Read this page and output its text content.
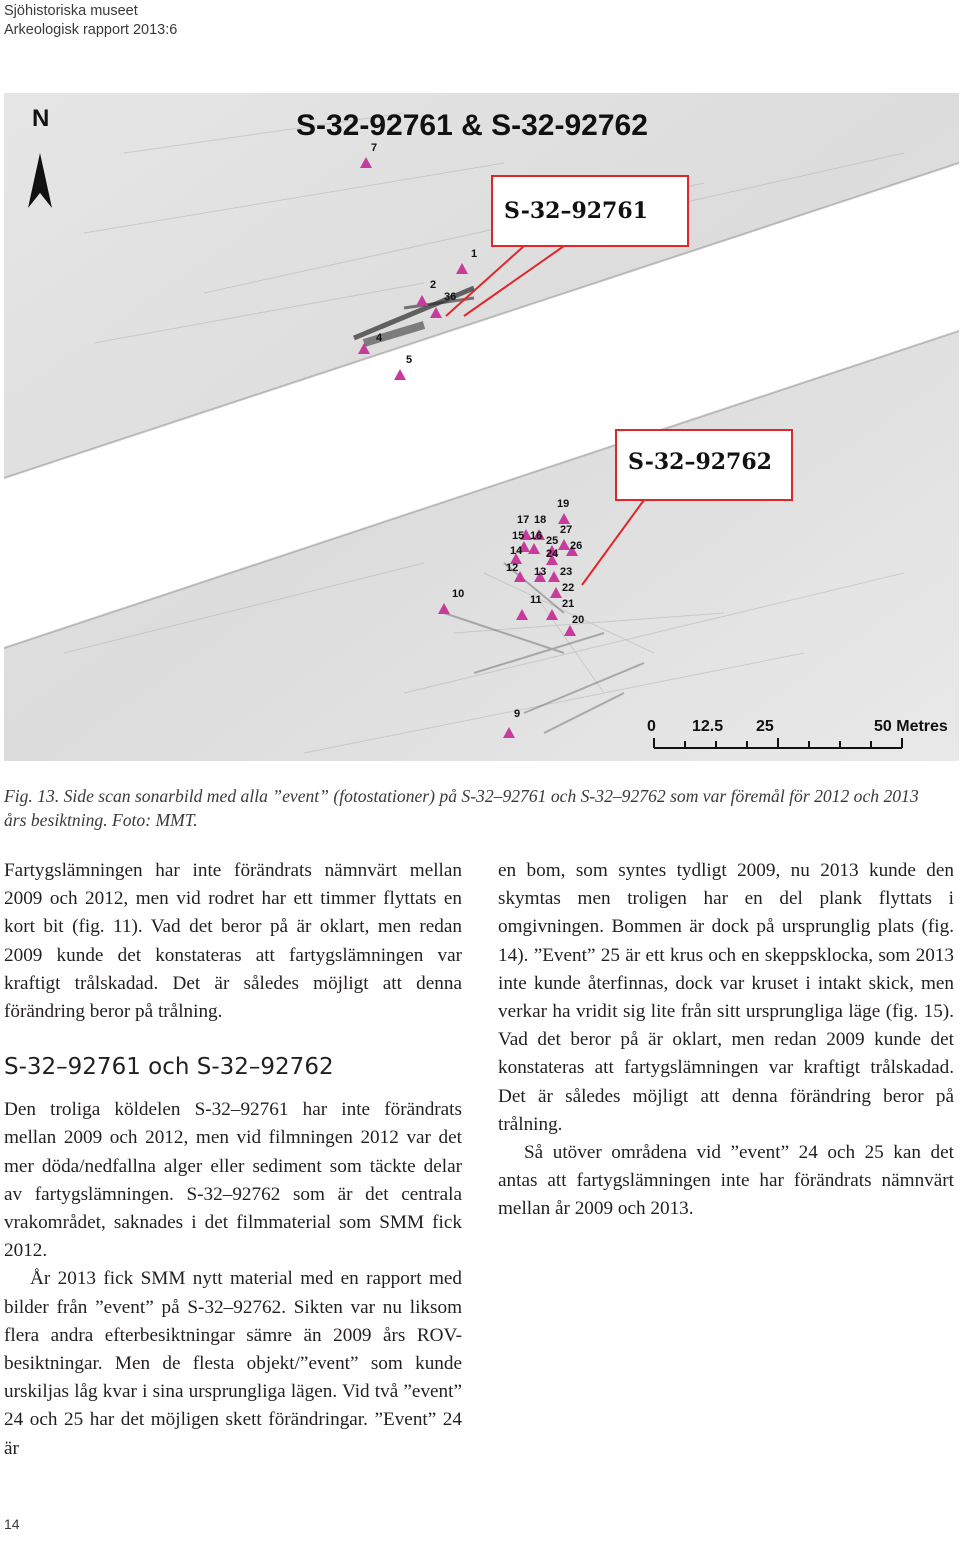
Sjöhistoriska museet
Arkeologisk rapport 2013:6
N	S-32-92761 & S-32-92762
S-32–92761
S-32–92762
7
1
2
36
4
5
19
17 18
27
15 16 25 26
14 24
12 13 23
22
10	11 21
20
9
0 12.5 25	50 Metres
Fig. 13. Side scan sonarbild med alla ”event” (fotostationer) på S-32–92761 och S-32–92762 som var föremål för 2012 och 2013 års besiktning. Foto: MMT.

Fartygslämningen har inte förändrats nämnvärt mellan 2009 och 2012, men vid rodret har ett timmer flyttats en kort bit (fig. 11). Vad det beror på är oklart, men redan 2009 kunde det konstateras att fartygslämningen var kraftigt trålskadad. Det är således möjligt att denna förändring beror på trålning.

S-32–92761 och S-32–92762

Den troliga köldelen S-32–92761 har inte förändrats mellan 2009 och 2012, men vid filmningen 2012 var det mer döda/nedfallna alger eller sediment som täckte delar av fartygslämningen. S-32–92762 som är det centrala vrakområdet, saknades i det filmmaterial som SMM fick 2012.

År 2013 fick SMM nytt material med en rapport med bilder från ”event” på S-32–92762. Sikten var nu liksom flera andra efterbesiktningar sämre än 2009 års ROV-besiktningar. Men de flesta objekt/”event” som kunde urskiljas låg kvar i sina ursprungliga lägen. Vid två ”event” 24 och 25 har det möjligen skett förändringar. ”Event” 24 är

en bom, som syntes tydligt 2009, nu 2013 kunde den skymtas men troligen har en del plank flyttats i omgivningen. Bommen är dock på ursprunglig plats (fig. 14). ”Event” 25 är ett krus och en skeppsklocka, som 2013 inte kunde återfinnas, dock var kruset i intakt skick, men verkar ha vridit sig lite från sitt ursprungliga läge (fig. 15). Vad det beror på är oklart, men redan 2009 kunde det konstateras att fartygslämningen var kraftigt trålskadad. Det är således möjligt att denna förändring beror på trålning.

Så utöver områdena vid ”event” 24 och 25 kan det antas att fartygslämningen inte har förändrats nämnvärt mellan år 2009 och 2013.

14
